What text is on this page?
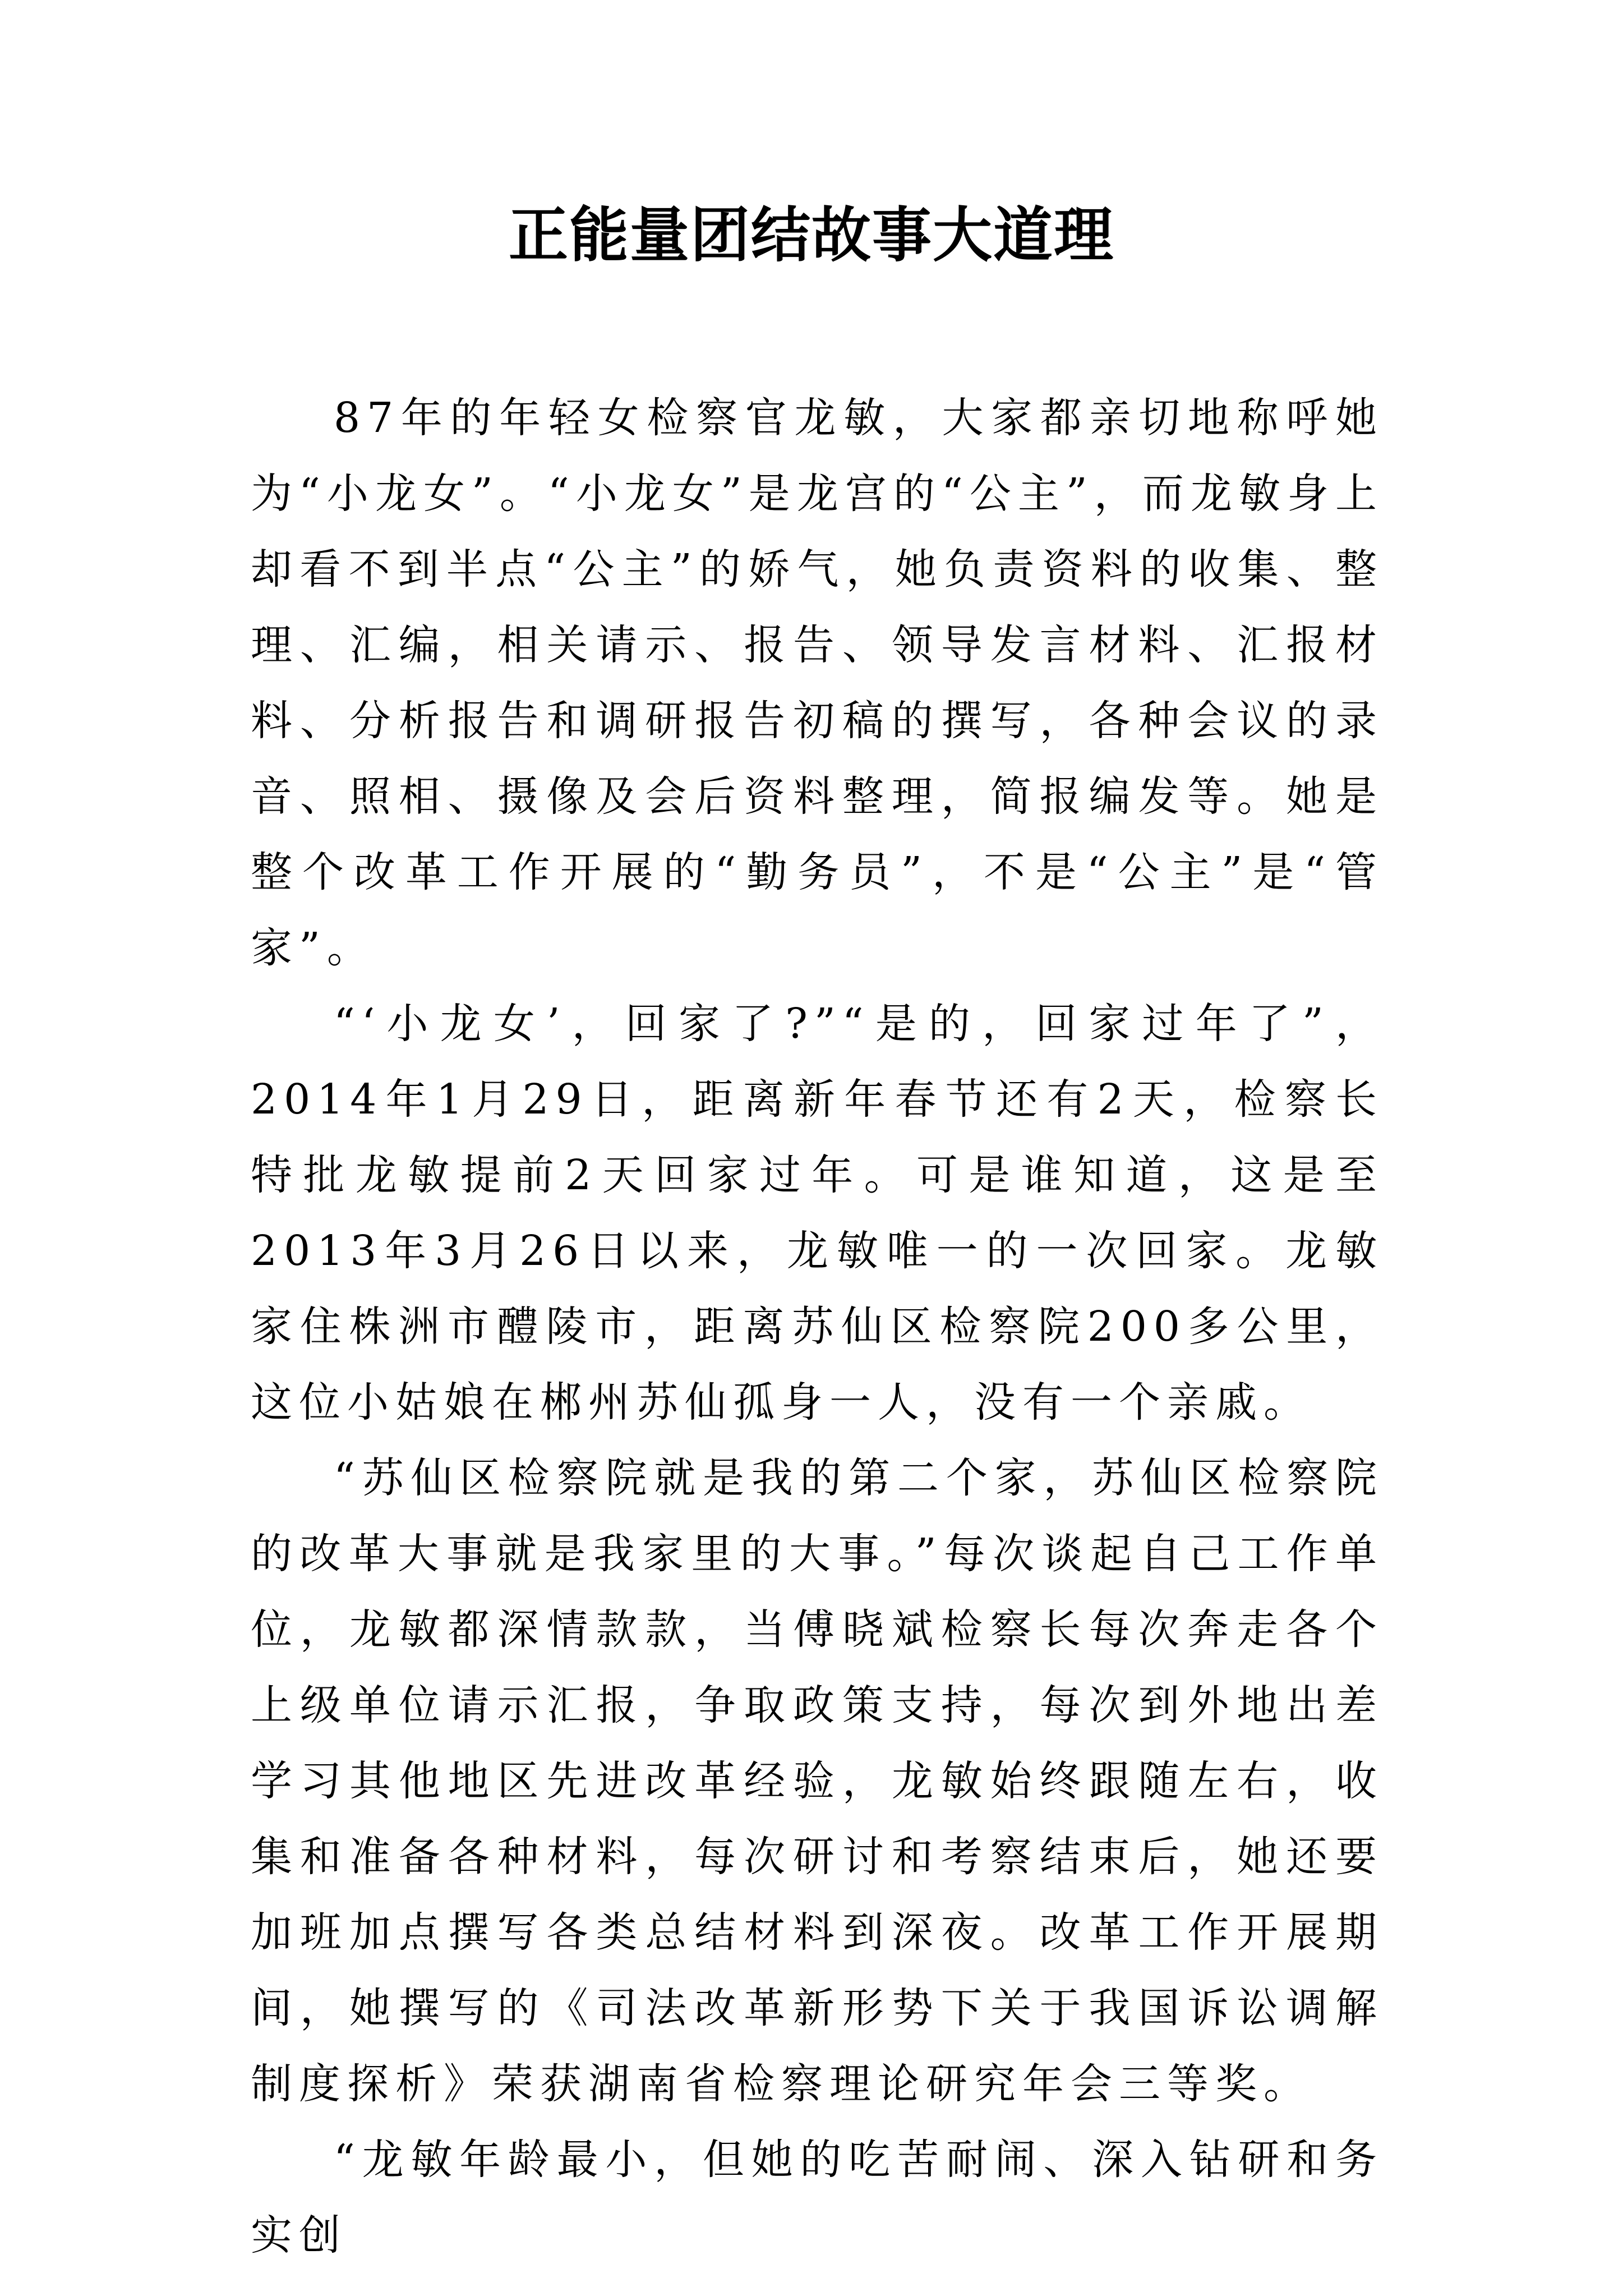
正能量团结故事大道理

87年的年轻女检察官龙敏，大家都亲切地称呼她为“小龙女”。“小龙女”是龙宫的“公主”，而龙敏身上却看不到半点“公主”的娇气，她负责资料的收集、整理、汇编，相关请示、报告、领导发言材料、汇报材料、分析报告和调研报告初稿的撰写，各种会议的录音、照相、摄像及会后资料整理，简报编发等。她是整个改革工作开展的“勤务员”，不是“公主”是“管家”。

“‘小龙女’，回家了?”“是的，回家过年了”，2014年1月29日，距离新年春节还有2天，检察长特批龙敏提前2天回家过年。可是谁知道，这是至2013年3月26日以来，龙敏唯一的一次回家。龙敏家住株洲市醴陵市，距离苏仙区检察院200多公里，这位小姑娘在郴州苏仙孤身一人，没有一个亲戚。

“苏仙区检察院就是我的第二个家，苏仙区检察院的改革大事就是我家里的大事。”每次谈起自己工作单位，龙敏都深情款款，当傅晓斌检察长每次奔走各个上级单位请示汇报，争取政策支持，每次到外地出差学习其他地区先进改革经验，龙敏始终跟随左右，收集和准备各种材料，每次研讨和考察结束后，她还要加班加点撰写各类总结材料到深夜。改革工作开展期间，她撰写的《司法改革新形势下关于我国诉讼调解制度探析》荣获湖南省检察理论研究年会三等奖。

“龙敏年龄最小，但她的吃苦耐闹、深入钻研和务实创
